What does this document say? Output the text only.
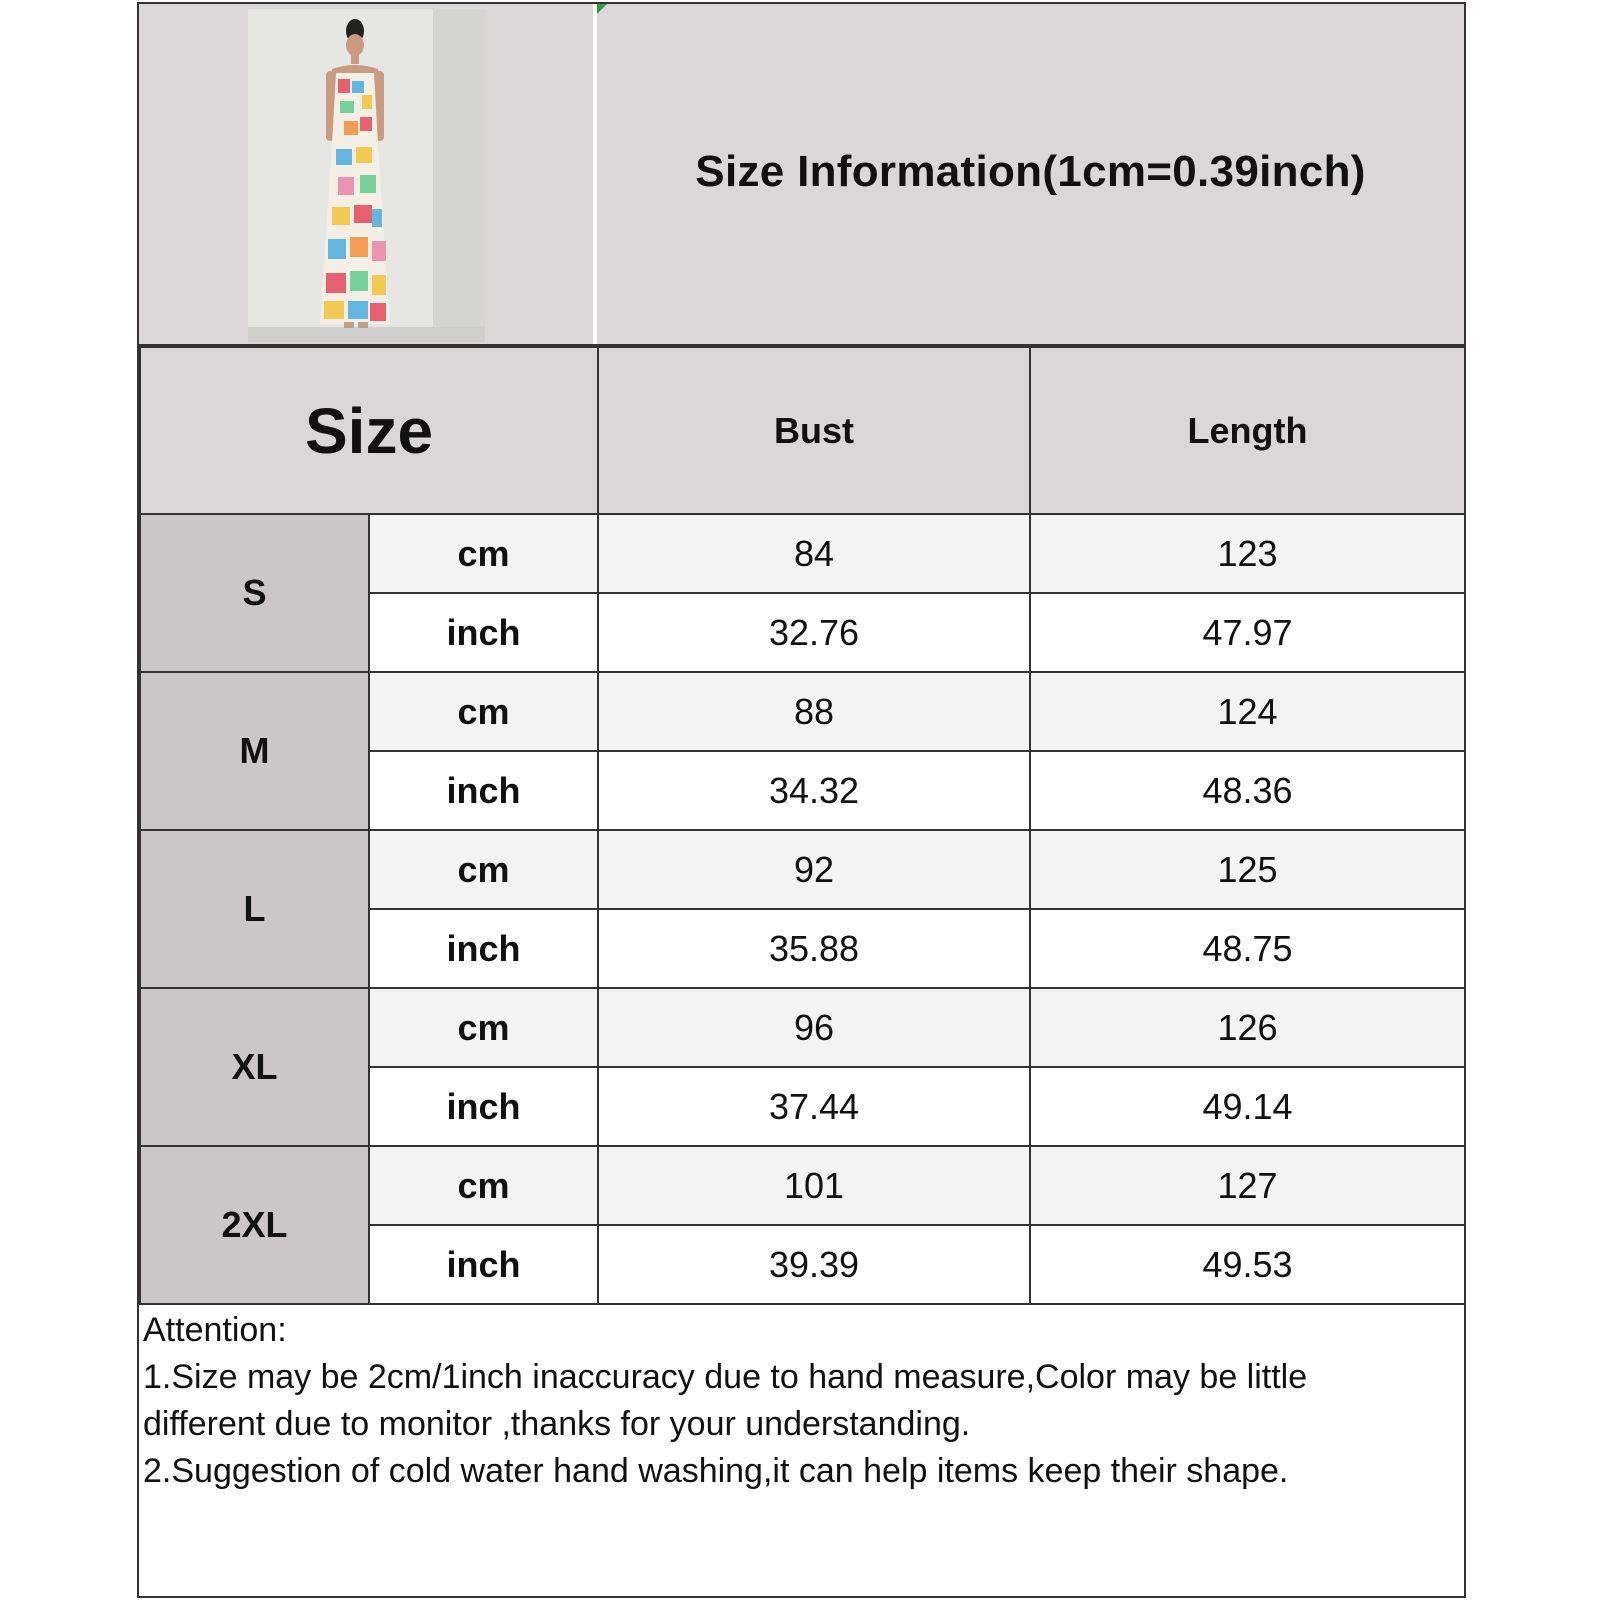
Size Information(1cm=0.39inch)
Size		Bust	Length
S	cm	84	123
	inch	32.76	47.97
M	cm	88	124
	inch	34.32	48.36
L	cm	92	125
	inch	35.88	48.75
XL	cm	96	126
	inch	37.44	49.14
2XL	cm	101	127
	inch	39.39	49.53
Attention:
1.Size may be 2cm/1inch inaccuracy due to hand measure,Color may be little
different due to monitor ,thanks for your understanding.
2.Suggestion of cold water hand washing,it can help items keep their shape.
